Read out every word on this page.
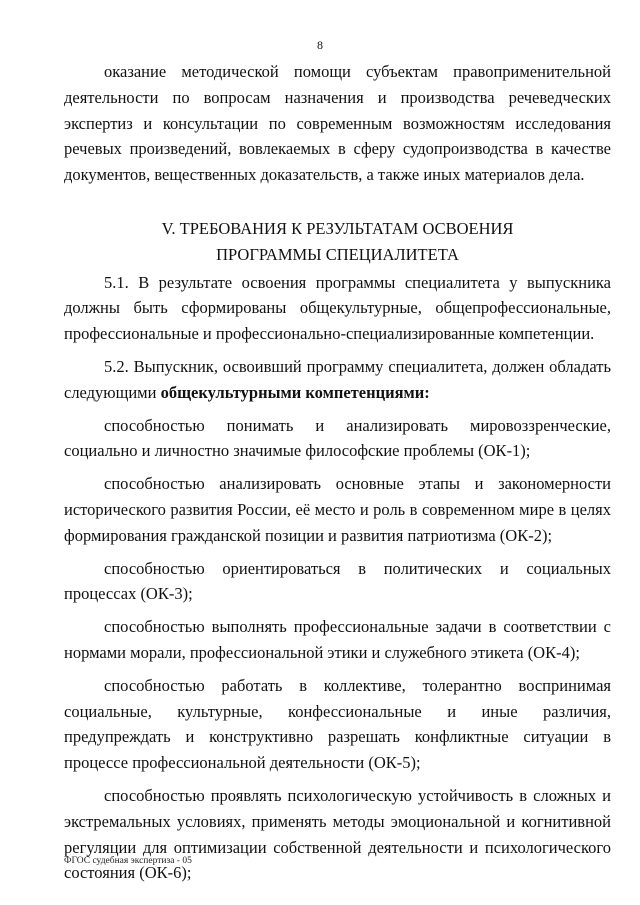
8

оказание методической помощи субъектам правоприменительной деятельности по вопросам назначения и производства речеведческих экспертиз и консультации по современным возможностям исследования речевых произведений, вовлекаемых в сферу судопроизводства в качестве документов, вещественных доказательств, а также иных материалов дела.

V. ТРЕБОВАНИЯ К РЕЗУЛЬТАТАМ ОСВОЕНИЯ
ПРОГРАММЫ СПЕЦИАЛИТЕТА

5.1. В результате освоения программы специалитета у выпускника должны быть сформированы общекультурные, общепрофессиональные, профессиональные и профессионально-специализированные компетенции.

5.2. Выпускник, освоивший программу специалитета, должен обладать следующими общекультурными компетенциями:

способностью понимать и анализировать мировоззренческие, социально и личностно значимые философские проблемы (ОК-1);

способностью анализировать основные этапы и закономерности исторического развития России, её место и роль в современном мире в целях формирования гражданской позиции и развития патриотизма (ОК-2);

способностью ориентироваться в политических и социальных процессах (ОК-3);

способностью выполнять профессиональные задачи в соответствии с нормами морали, профессиональной этики и служебного этикета (ОК-4);

способностью работать в коллективе, толерантно воспринимая социальные, культурные, конфессиональные и иные различия, предупреждать и конструктивно разрешать конфликтные ситуации в процессе профессиональной деятельности (ОК-5);

способностью проявлять психологическую устойчивость в сложных и экстремальных условиях, применять методы эмоциональной и когнитивной регуляции для оптимизации собственной деятельности и психологического состояния (ОК-6);

ФГОС судебная экспертиза - 05
